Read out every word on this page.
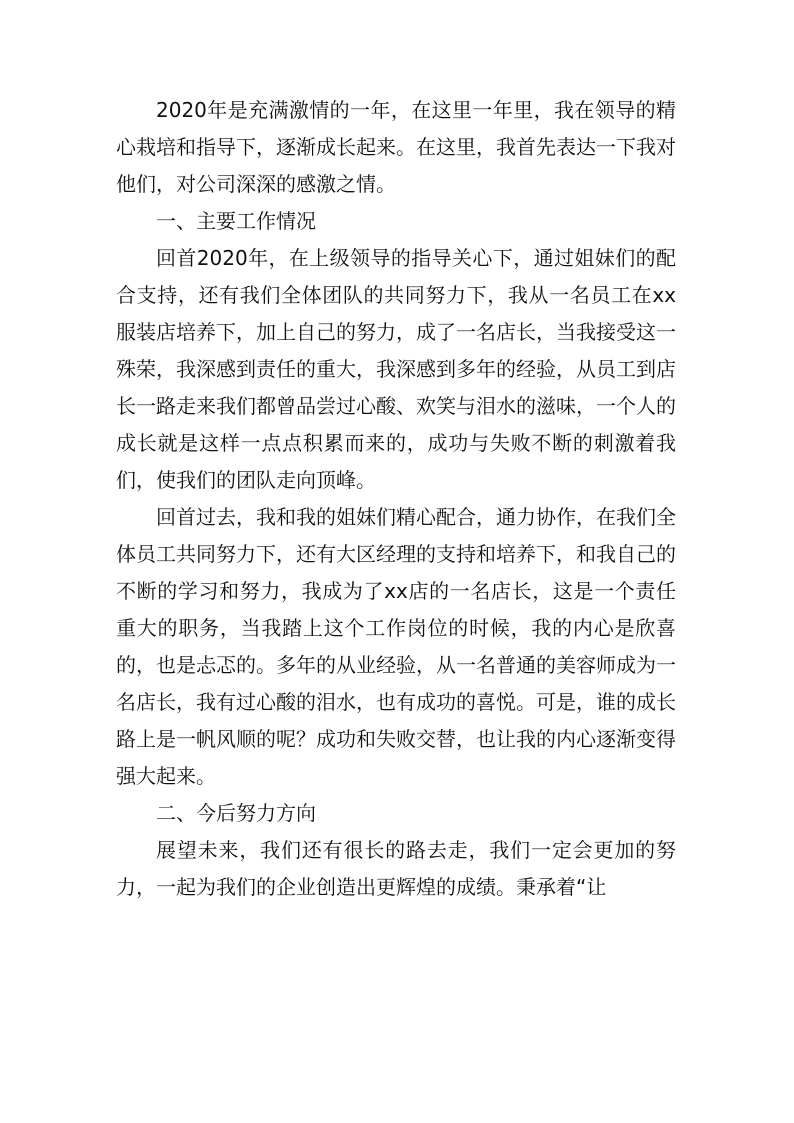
2020年是充满激情的一年，在这里一年里，我在领导的精心栽培和指导下，逐渐成长起来。在这里，我首先表达一下我对他们，对公司深深的感激之情。

一、主要工作情况

回首2020年，在上级领导的指导关心下，通过姐妹们的配合支持，还有我们全体团队的共同努力下，我从一名员工在xx服装店培养下，加上自己的努力，成了一名店长，当我接受这一殊荣，我深感到责任的重大，我深感到多年的经验，从员工到店长一路走来我们都曾品尝过心酸、欢笑与泪水的滋味，一个人的成长就是这样一点点积累而来的，成功与失败不断的刺激着我们，使我们的团队走向顶峰。

回首过去，我和我的姐妹们精心配合，通力协作，在我们全体员工共同努力下，还有大区经理的支持和培养下，和我自己的不断的学习和努力，我成为了xx店的一名店长，这是一个责任重大的职务，当我踏上这个工作岗位的时候，我的内心是欣喜的，也是忐忑的。多年的从业经验，从一名普通的美容师成为一名店长，我有过心酸的泪水，也有成功的喜悦。可是，谁的成长路上是一帆风顺的呢？成功和失败交替，也让我的内心逐渐变得强大起来。

二、今后努力方向

展望未来，我们还有很长的路去走，我们一定会更加的努力，一起为我们的企业创造出更辉煌的成绩。秉承着“让
